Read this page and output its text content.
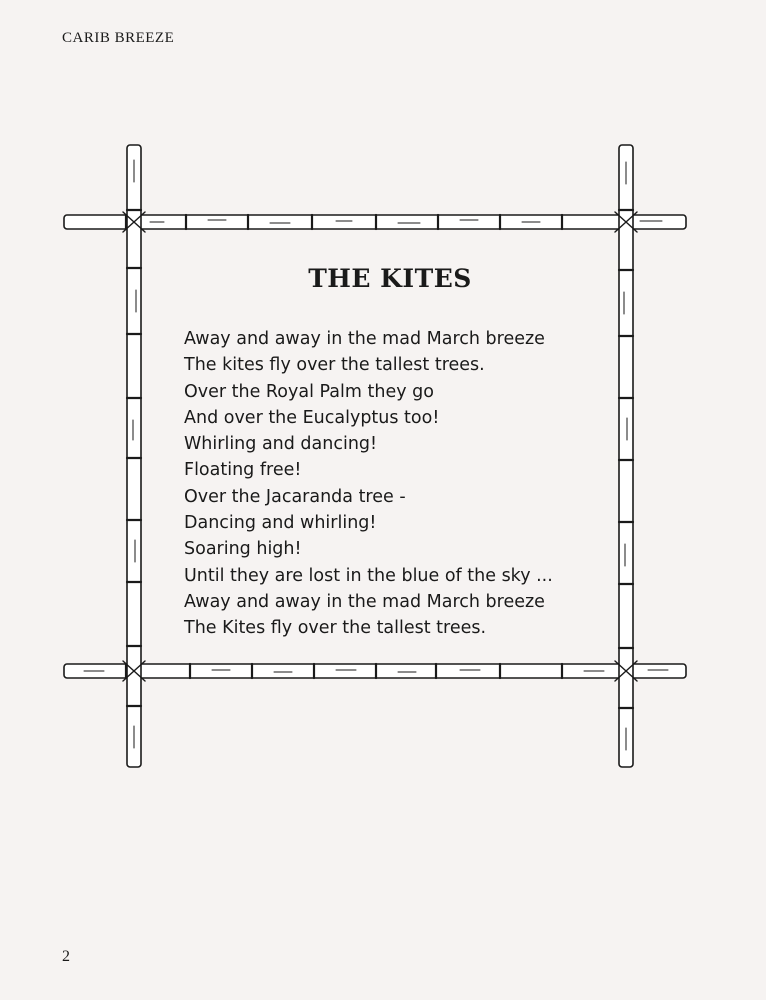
CARIB BREEZE
THE KITES
Away and away in the mad March breeze
The kites fly over the tallest trees.
Over the Royal Palm they go
And over the Eucalyptus too!
Whirling and dancing!
Floating free!
Over the Jacaranda tree -
Dancing and whirling!
Soaring high!
Until they are lost in the blue of the sky ...
Away and away in the mad March breeze
The Kites fly over the tallest trees.
2
